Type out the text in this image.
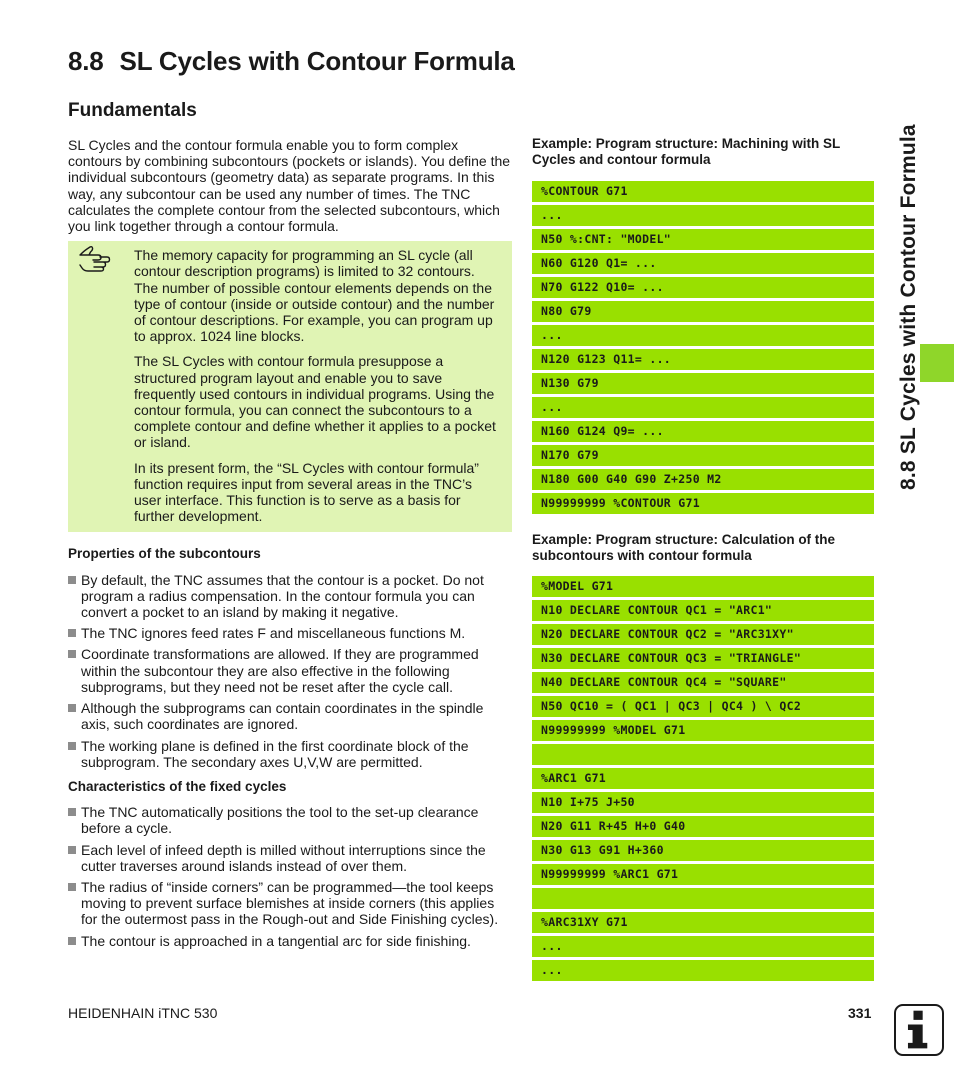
8.8 SL Cycles with Contour Formula
Fundamentals

SL Cycles and the contour formula enable you to form complex contours by combining subcontours (pockets or islands). You define the individual subcontours (geometry data) as separate programs. In this way, any subcontour can be used any number of times. The TNC calculates the complete contour from the selected subcontours, which you link together through a contour formula.

The memory capacity for programming an SL cycle (all contour description programs) is limited to 32 contours. The number of possible contour elements depends on the type of contour (inside or outside contour) and the number of contour descriptions. For example, you can program up to approx. 1024 line blocks.

The SL Cycles with contour formula presuppose a structured program layout and enable you to save frequently used contours in individual programs. Using the contour formula, you can connect the subcontours to a complete contour and define whether it applies to a pocket or island.

In its present form, the “SL Cycles with contour formula” function requires input from several areas in the TNC’s user interface. This function is to serve as a basis for further development.

Properties of the subcontours
By default, the TNC assumes that the contour is a pocket. Do not program a radius compensation. In the contour formula you can convert a pocket to an island by making it negative.
The TNC ignores feed rates F and miscellaneous functions M.
Coordinate transformations are allowed. If they are programmed within the subcontour they are also effective in the following subprograms, but they need not be reset after the cycle call.
Although the subprograms can contain coordinates in the spindle axis, such coordinates are ignored.
The working plane is defined in the first coordinate block of the subprogram. The secondary axes U,V,W are permitted.
Characteristics of the fixed cycles
The TNC automatically positions the tool to the set-up clearance before a cycle.
Each level of infeed depth is milled without interruptions since the cutter traverses around islands instead of over them.
The radius of “inside corners” can be programmed—the tool keeps moving to prevent surface blemishes at inside corners (this applies for the outermost pass in the Rough-out and Side Finishing cycles).
The contour is approached in a tangential arc for side finishing.
Example: Program structure: Machining with SL Cycles and contour formula
%CONTOUR G71
...
N50 %:CNT: "MODEL"
N60 G120 Q1= ...
N70 G122 Q10= ...
N80 G79
...
N120 G123 Q11= ...
N130 G79
...
N160 G124 Q9= ...
N170 G79
N180 G00 G40 G90 Z+250 M2
N99999999 %CONTOUR G71
Example: Program structure: Calculation of the subcontours with contour formula
%MODEL G71
N10 DECLARE CONTOUR QC1 = "ARC1"
N20 DECLARE CONTOUR QC2 = "ARC31XY"
N30 DECLARE CONTOUR QC3 = "TRIANGLE"
N40 DECLARE CONTOUR QC4 = "SQUARE"
N50 QC10 = ( QC1 | QC3 | QC4 ) \ QC2
N99999999 %MODEL G71
%ARC1 G71
N10 I+75 J+50
N20 G11 R+45 H+0 G40
N30 G13 G91 H+360
N99999999 %ARC1 G71
%ARC31XY G71
...
...
8.8 SL Cycles with Contour Formula
HEIDENHAIN iTNC 530	331
